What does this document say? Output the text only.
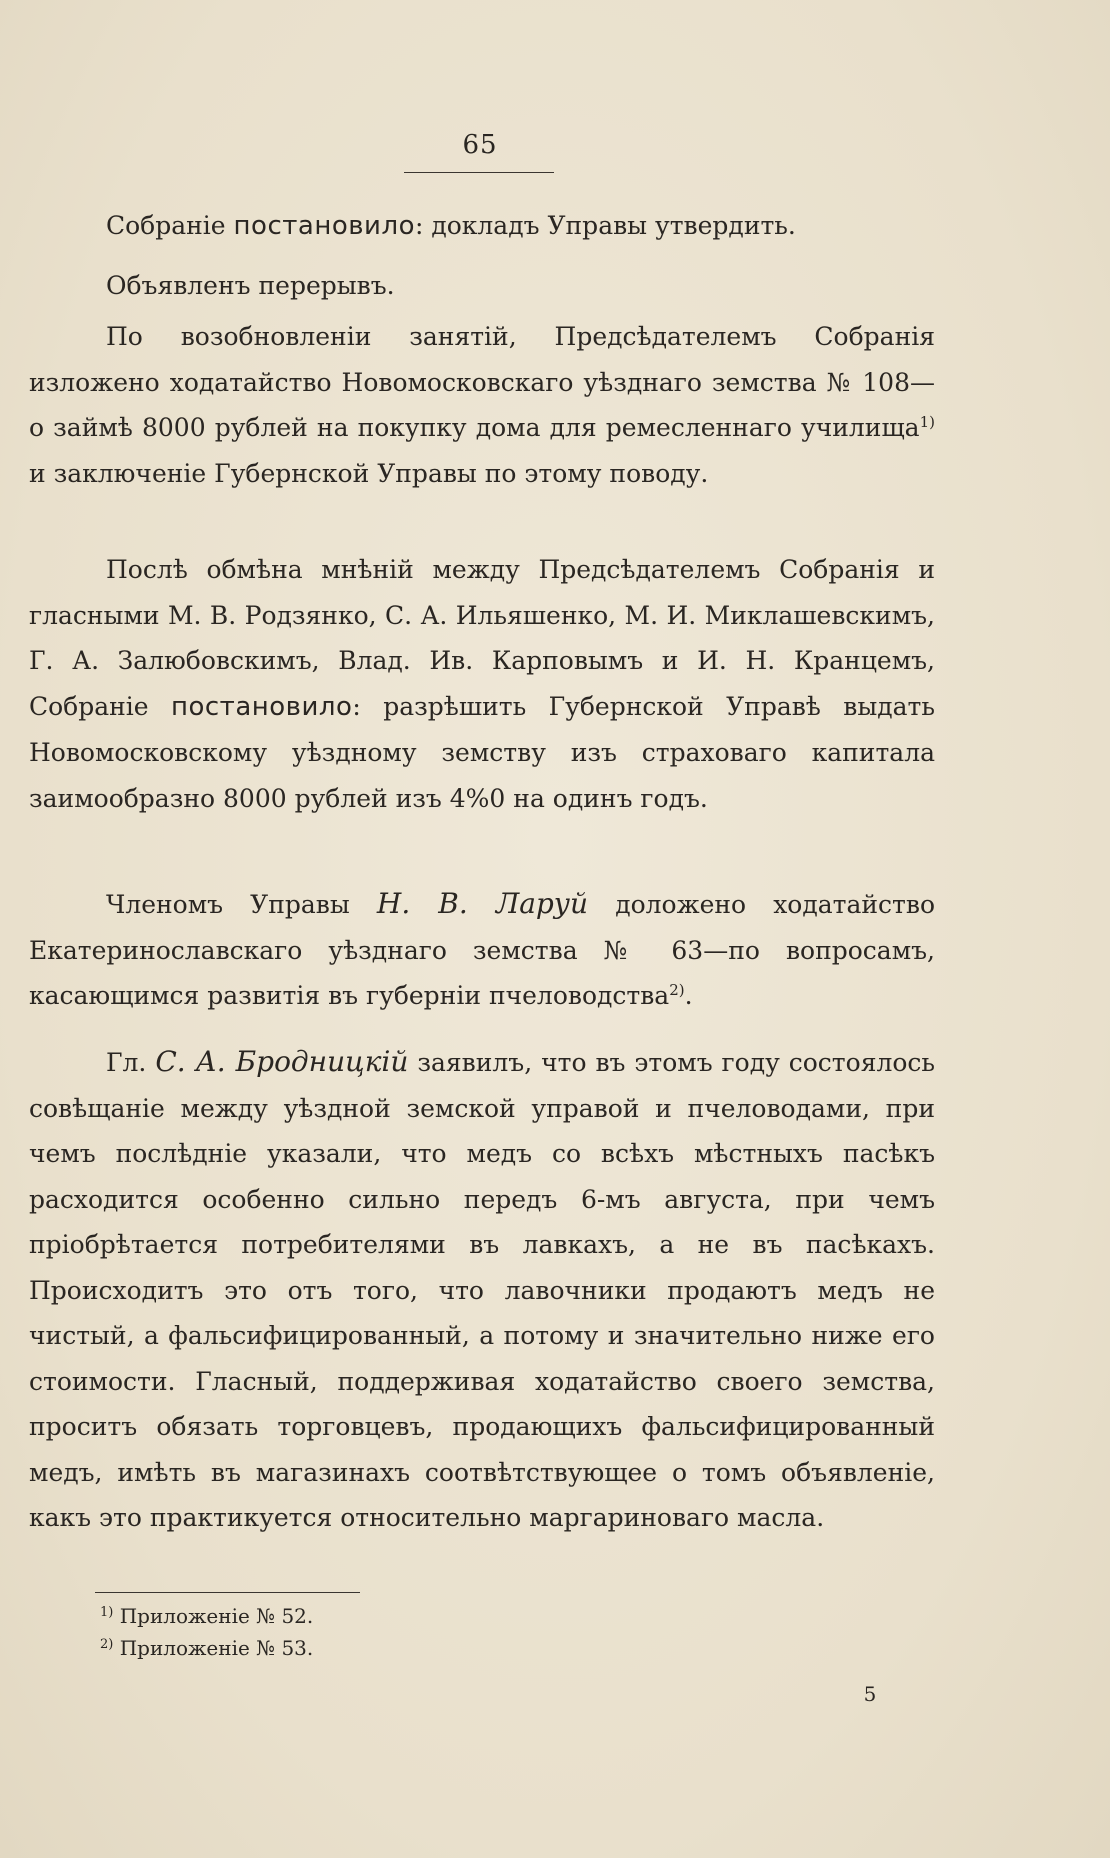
65

Собраніе постановило: докладъ Управы утвердить.

Объявленъ перерывъ.

По возобновленіи занятій, Предсѣдателемъ Собранія изложено ходатайство Новомосковскаго уѣзднаго земства № 108—о займѣ 8000 рублей на покупку дома для ремесленнаго училища$^{1)}$ и заключеніе Губернской Управы по этому поводу.

Послѣ обмѣна мнѣній между Предсѣдателемъ Собранія и гласными М. В. Родзянко, С. А. Ильяшенко, М. И. Миклашевскимъ, Г. А. Залюбовскимъ, Влад. Ив. Карповымъ и И. Н. Кранцемъ, Собраніе постановило: разрѣшить Губернской Управѣ выдать Новомосковскому уѣздному земству изъ страховаго капитала заимообразно 8000 рублей изъ 4%0 на одинъ годъ.

Членомъ Управы Н. В. Ларуй доложено ходатайство Екатеринославскаго уѣзднаго земства № 63—по вопросамъ, касающимся развитія въ губерніи пчеловодства$^{2)}$.

Гл. С. А. Бродницкій заявилъ, что въ этомъ году состоялось совѣщаніе между уѣздной земской управой и пчеловодами, при чемъ послѣдніе указали, что медъ со всѣхъ мѣстныхъ пасѣкъ расходится особенно сильно передъ 6-мъ августа, при чемъ пріобрѣтается потребителями въ лавкахъ, а не въ пасѣкахъ. Происходитъ это отъ того, что лавочники продаютъ медъ не чистый, а фальсифицированный, а потому и значительно ниже его стоимости. Гласный, поддерживая ходатайство своего земства, проситъ обязать торговцевъ, продающихъ фальсифицированный медъ, имѣть въ магазинахъ соотвѣтствующее о томъ объявленіе, какъ это практикуется относительно маргариноваго масла.

$^{1)}$ Приложеніе № 52.
$^{2)}$ Приложеніе № 53.
5
